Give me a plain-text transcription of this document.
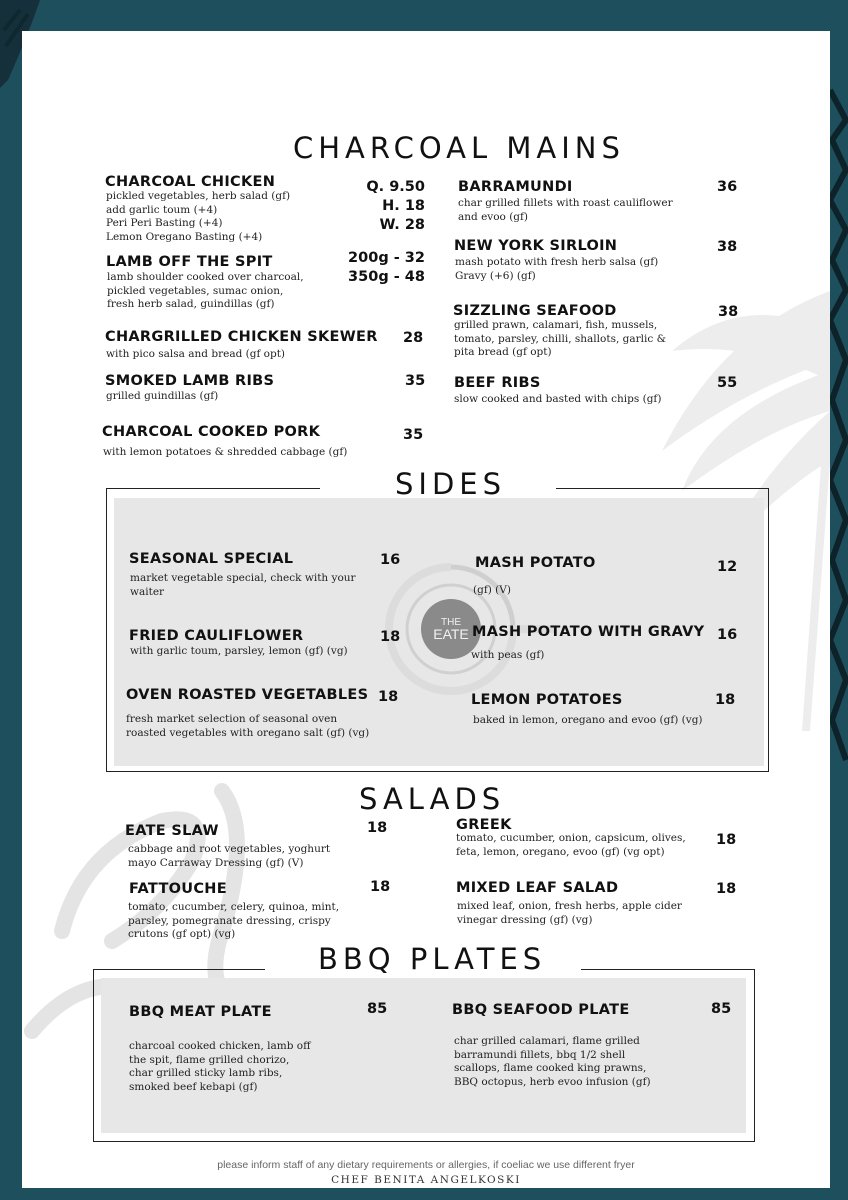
CHARCOAL MAINS
CHARCOAL CHICKEN
pickled vegetables, herb salad (gf)
add garlic toum (+4)
Peri Peri Basting (+4)
Lemon Oregano Basting (+4)
Q. 9.50
H. 18
W. 28
LAMB OFF THE SPIT	200g - 32
350g - 48
lamb shoulder cooked over charcoal,
pickled vegetables, sumac onion,
fresh herb salad, guindillas (gf)
CHARGRILLED CHICKEN SKEWER 28
with pico salsa and bread (gf opt)
SMOKED LAMB RIBS	35
grilled guindillas (gf)
CHARCOAL COOKED PORK	35
with lemon potatoes & shredded cabbage (gf)
BARRAMUNDI	36
char grilled fillets with roast cauliflower
and evoo (gf)
NEW YORK SIRLOIN	38
mash potato with fresh herb salsa (gf)
Gravy (+6) (gf)
SIZZLING SEAFOOD	38
grilled prawn, calamari, fish, mussels,
tomato, parsley, chilli, shallots, garlic &
pita bread (gf opt)
BEEF RIBS	55
slow cooked and basted with chips (gf)
SIDES
THE
EATE
SEASONAL SPECIAL	16
market vegetable special, check with your
waiter
FRIED CAULIFLOWER	18
with garlic toum, parsley, lemon (gf) (vg)
OVEN ROASTED VEGETABLES 18
fresh market selection of seasonal oven
roasted vegetables with oregano salt (gf) (vg)
MASH POTATO	12
(gf) (V)
MASH POTATO WITH GRAVY 16
with peas (gf)
LEMON POTATOES	18
baked in lemon, oregano and evoo (gf) (vg)
SALADS
EATE SLAW	18
cabbage and root vegetables, yoghurt
mayo Carraway Dressing (gf) (V)
FATTOUCHE	18
tomato, cucumber, celery, quinoa, mint,
parsley, pomegranate dressing, crispy
crutons (gf opt) (vg)
GREEK
18
tomato, cucumber, onion, capsicum, olives,
feta, lemon, oregano, evoo (gf) (vg opt)
MIXED LEAF SALAD	18
mixed leaf, onion, fresh herbs, apple cider
vinegar dressing (gf) (vg)
BBQ PLATES
BBQ MEAT PLATE	85
charcoal cooked chicken, lamb off
the spit, flame grilled chorizo,
char grilled sticky lamb ribs,
smoked beef kebapi (gf)
BBQ SEAFOOD PLATE	85
char grilled calamari, flame grilled
barramundi fillets, bbq 1/2 shell
scallops, flame cooked king prawns,
BBQ octopus, herb evoo infusion (gf)
please inform staff of any dietary requirements or allergies, if coeliac we use different fryer
CHEF BENITA ANGELKOSKI
